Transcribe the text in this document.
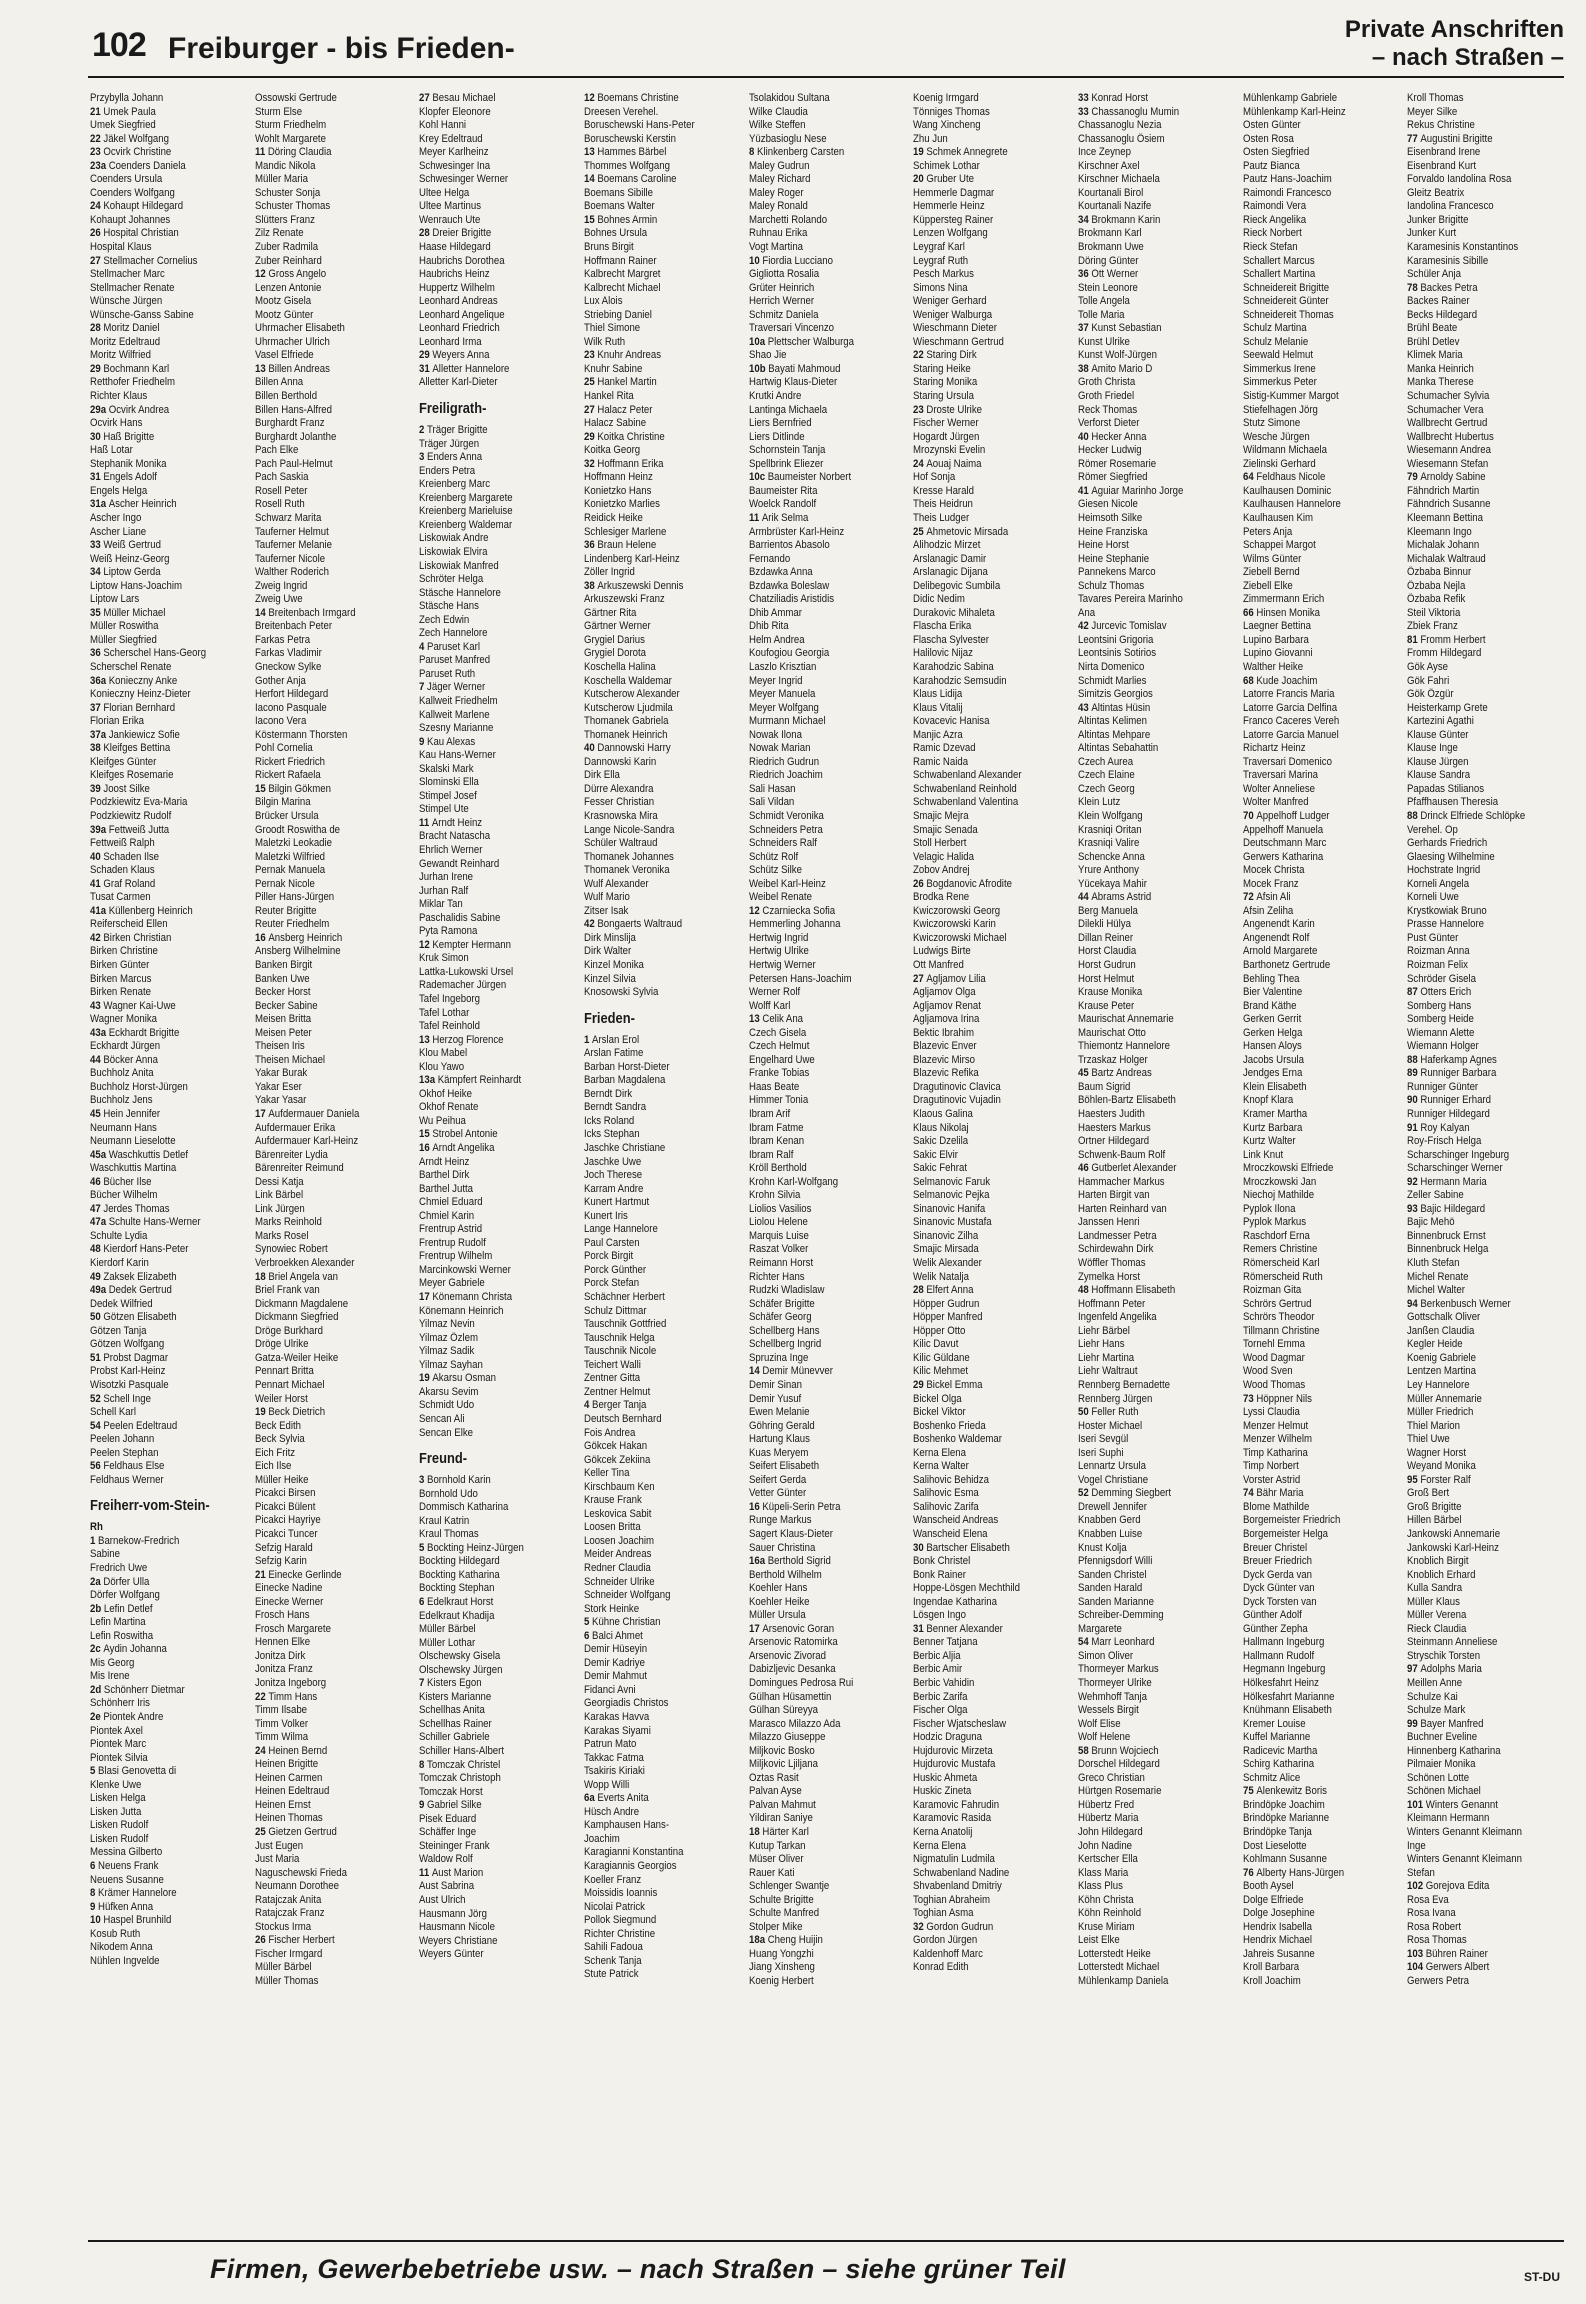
102 Freiburger - bis Frieden-
Private Anschriften
– nach Straßen –
Przybylla Johann
21 Umek Paula
Umek Siegfried
22 Jäkel Wolfgang
23 Ocvirk Christine
23a Coenders Daniela
Coenders Ursula
Coenders Wolfgang
24 Kohaupt Hildegard
Kohaupt Johannes
26 Hospital Christian
Hospital Klaus
27 Stellmacher Cornelius
Stellmacher Marc
Stellmacher Renate
Wünsche Jürgen
Wünsche-Ganss Sabine
28 Moritz Daniel
Moritz Edeltraud
Moritz Wilfried
29 Bochmann Karl
Retthofer Friedhelm
Richter Klaus
29a Ocvirk Andrea
Ocvirk Hans
30 Haß Brigitte
Haß Lotar
Stephanik Monika
31 Engels Adolf
Engels Helga
31a Ascher Heinrich
Ascher Ingo
Ascher Liane
33 Weiß Gertrud
Weiß Heinz-Georg
34 Liptow Gerda
Liptow Hans-Joachim
Liptow Lars
35 Müller Michael
Müller Roswitha
Müller Siegfried
36 Scherschel Hans-Georg
Scherschel Renate
36a Konieczny Anke
Konieczny Heinz-Dieter
37 Florian Bernhard
Florian Erika
37a Jankiewicz Sofie
38 Kleifges Bettina
Kleifges Günter
Kleifges Rosemarie
39 Joost Silke
Podzkiewitz Eva-Maria
Podzkiewitz Rudolf
39a Fettweiß Jutta
Fettweiß Ralph
40 Schaden Ilse
Schaden Klaus
41 Graf Roland
Tusat Carmen
41a Küllenberg Heinrich
Reiferscheid Ellen
42 Birken Christian
Birken Christine
Birken Günter
Birken Marcus
Birken Renate
43 Wagner Kai-Uwe
Wagner Monika
43a Eckhardt Brigitte
Eckhardt Jürgen
44 Böcker Anna
Buchholz Anita
Buchholz Horst-Jürgen
Buchholz Jens
45 Hein Jennifer
Neumann Hans
Neumann Lieselotte
45a Waschkuttis Detlef
Waschkuttis Martina
46 Bücher Ilse
Bücher Wilhelm
47 Jerdes Thomas
47a Schulte Hans-Werner
Schulte Lydia
48 Kierdorf Hans-Peter
Kierdorf Karin
49 Zaksek Elizabeth
49a Dedek Gertrud
Dedek Wilfried
50 Götzen Elisabeth
Götzen Tanja
Götzen Wolfgang
51 Probst Dagmar
Probst Karl-Heinz
Wisotzki Pasquale
52 Schell Inge
Schell Karl
54 Peelen Edeltraud
Peelen Johann
Peelen Stephan
56 Feldhaus Else
Feldhaus Werner
Freiherr-vom-Stein-
Rh
1 Barnekow-Fredrich
Sabine
Fredrich Uwe
2a Dörfer Ulla
Dörfer Wolfgang
2b Lefin Detlef
Lefin Martina
Lefin Roswitha
2c Aydin Johanna
Mis Georg
Mis Irene
2d Schönherr Dietmar
Schönherr Iris
2e Piontek Andre
Piontek Axel
Piontek Marc
Piontek Silvia
5 Blasi Genovetta di
Klenke Uwe
Lisken Helga
Lisken Jutta
Lisken Rudolf
Lisken Rudolf
Messina Gilberto
6 Neuens Frank
Neuens Susanne
8 Krämer Hannelore
9 Hüfken Anna
10 Haspel Brunhild
Kosub Ruth
Nikodem Anna
Nühlen Ingvelde
Ossowski Gertrude
Sturm Else
Sturm Friedhelm
Wohlt Margarete
11 Döring Claudia
Mandic Nikola
Müller Maria
Schuster Sonja
Schuster Thomas
Slütters Franz
Zilz Renate
Zuber Radmila
Zuber Reinhard
12 Gross Angelo
Lenzen Antonie
Mootz Gisela
Mootz Günter
Uhrmacher Elisabeth
Uhrmacher Ulrich
Vasel Elfriede
13 Billen Andreas
Billen Anna
Billen Berthold
Billen Hans-Alfred
Burghardt Franz
Burghardt Jolanthe
Pach Elke
Pach Paul-Helmut
Pach Saskia
Rosell Peter
Rosell Ruth
Schwarz Marita
Tauferner Helmut
Tauferner Melanie
Tauferner Nicole
Walther Roderich
Zweig Ingrid
Zweig Uwe
14 Breitenbach Irmgard
Breitenbach Peter
Farkas Petra
Farkas Vladimir
Gneckow Sylke
Gother Anja
Herfort Hildegard
Iacono Pasquale
Iacono Vera
Köstermann Thorsten
Pohl Cornelia
Rickert Friedrich
Rickert Rafaela
15 Bilgin Gökmen
Bilgin Marina
Brücker Ursula
Groodt Roswitha de
Maletzki Leokadie
Maletzki Wilfried
Pernak Manuela
Pernak Nicole
Piller Hans-Jürgen
Reuter Brigitte
Reuter Friedhelm
16 Ansberg Heinrich
Ansberg Wilhelmine
Banken Birgit
Banken Uwe
Becker Horst
Becker Sabine
Meisen Britta
Meisen Peter
Theisen Iris
Theisen Michael
Yakar Burak
Yakar Eser
Yakar Yasar
17 Aufdermauer Daniela
Aufdermauer Erika
Aufdermauer Karl-Heinz
Bärenreiter Lydia
Bärenreiter Reimund
Dessi Katja
Link Bärbel
Link Jürgen
Marks Reinhold
Marks Rosel
Synowiec Robert
Verbroekken Alexander
18 Briel Angela van
Briel Frank van
Dickmann Magdalene
Dickmann Siegfried
Dröge Burkhard
Dröge Ulrike
Gatza-Weiler Heike
Pennart Britta
Pennart Michael
Weiler Horst
19 Beck Dietrich
Beck Edith
Beck Sylvia
Eich Fritz
Eich Ilse
Müller Heike
Picakci Birsen
Picakci Bülent
Picakci Hayriye
Picakci Tuncer
Sefzig Harald
Sefzig Karin
21 Einecke Gerlinde
Einecke Nadine
Einecke Werner
Frosch Hans
Frosch Margarete
Hennen Elke
Jonitza Dirk
Jonitza Franz
Jonitza Ingeborg
22 Timm Hans
Timm Ilsabe
Timm Volker
Timm Wilma
24 Heinen Bernd
Heinen Brigitte
Heinen Carmen
Heinen Edeltraud
Heinen Ernst
Heinen Thomas
25 Gietzen Gertrud
Just Eugen
Just Maria
Naguschewski Frieda
Neumann Dorothee
Ratajczak Anita
Ratajczak Franz
Stockus Irma
26 Fischer Herbert
Fischer Irmgard
Müller Bärbel
Müller Thomas
27 Besau Michael
Klopfer Eleonore
Kohl Hanni
Krey Edeltraud
Meyer Karlheinz
Schwesinger Ina
Schwesinger Werner
Ultee Helga
Ultee Martinus
Wenrauch Ute
28 Dreier Brigitte
Haase Hildegard
Haubrichs Dorothea
Haubrichs Heinz
Huppertz Wilhelm
Leonhard Andreas
Leonhard Angelique
Leonhard Friedrich
Leonhard Irma
29 Weyers Anna
31 Alletter Hannelore
Alletter Karl-Dieter
Freiligrath-
2 Träger Brigitte
Träger Jürgen
3 Enders Anna
Enders Petra
Kreienberg Marc
Kreienberg Margarete
Kreienberg Marieluise
Kreienberg Waldemar
Liskowiak Andre
Liskowiak Elvira
Liskowiak Manfred
Schröter Helga
Stäsche Hannelore
Stäsche Hans
Zech Edwin
Zech Hannelore
4 Paruset Karl
Paruset Manfred
Paruset Ruth
7 Jäger Werner
Kallweit Friedhelm
Kallweit Marlene
Szesny Marianne
9 Kau Alexas
Kau Hans-Werner
Skalski Mark
Slominski Ella
Stimpel Josef
Stimpel Ute
11 Arndt Heinz
Bracht Natascha
Ehrlich Werner
Gewandt Reinhard
Jurhan Irene
Jurhan Ralf
Miklar Tan
Paschalidis Sabine
Pyta Ramona
12 Kempter Hermann
Kruk Simon
Lattka-Lukowski Ursel
Rademacher Jürgen
Tafel Ingeborg
Tafel Lothar
Tafel Reinhold
13 Herzog Florence
Klou Mabel
Klou Yawo
13a Kämpfert Reinhardt
Okhof Heike
Okhof Renate
Wu Peihua
15 Strobel Antonie
16 Arndt Angelika
Arndt Heinz
Barthel Dirk
Barthel Jutta
Chmiel Eduard
Chmiel Karin
Frentrup Astrid
Frentrup Rudolf
Frentrup Wilhelm
Marcinkowski Werner
Meyer Gabriele
17 Könemann Christa
Könemann Heinrich
Yilmaz Nevin
Yilmaz Özlem
Yilmaz Sadik
Yilmaz Sayhan
19 Akarsu Osman
Akarsu Sevim
Schmidt Udo
Sencan Ali
Sencan Elke
Freund-
3 Bornhold Karin
Bornhold Udo
Dommisch Katharina
Kraul Katrin
Kraul Thomas
5 Bockting Heinz-Jürgen
Bockting Hildegard
Bockting Katharina
Bockting Stephan
6 Edelkraut Horst
Edelkraut Khadija
Müller Bärbel
Müller Lothar
Olschewsky Gisela
Olschewsky Jürgen
7 Kisters Egon
Kisters Marianne
Schellhas Anita
Schellhas Rainer
Schiller Gabriele
Schiller Hans-Albert
8 Tomczak Christel
Tomczak Christoph
Tomczak Horst
9 Gabriel Silke
Pisek Eduard
Schäffer Inge
Steininger Frank
Waldow Rolf
11 Aust Marion
Aust Sabrina
Aust Ulrich
Hausmann Jörg
Hausmann Nicole
Weyers Christiane
Weyers Günter
12 Boemans Christine
Dreesen Verehel.
Boruschewski Hans-Peter
Boruschewski Kerstin
13 Hammes Bärbel
Thommes Wolfgang
14 Boemans Caroline
Boemans Sibille
Boemans Walter
15 Bohnes Armin
Bohnes Ursula
Bruns Birgit
Hoffmann Rainer
Kalbrecht Margret
Kalbrecht Michael
Lux Alois
Striebing Daniel
Thiel Simone
Wilk Ruth
23 Knuhr Andreas
Knuhr Sabine
25 Hankel Martin
Hankel Rita
27 Halacz Peter
Halacz Sabine
29 Koitka Christine
Koitka Georg
32 Hoffmann Erika
Hoffmann Heinz
Konietzko Hans
Konietzko Marlies
Reidick Heike
Schlesiger Marlene
36 Braun Helene
Lindenberg Karl-Heinz
Zöller Ingrid
38 Arkuszewski Dennis
Arkuszewski Franz
Gärtner Rita
Gärtner Werner
Grygiel Darius
Grygiel Dorota
Koschella Halina
Koschella Waldemar
Kutscherow Alexander
Kutscherow Ljudmila
Thomanek Gabriela
Thomanek Heinrich
40 Dannowski Harry
Dannowski Karin
Dirk Ella
Dürre Alexandra
Fesser Christian
Krasnowska Mira
Lange Nicole-Sandra
Schüler Waltraud
Thomanek Johannes
Thomanek Veronika
Wulf Alexander
Wulf Mario
Zitser Isak
42 Bongaerts Waltraud
Dirk Minslija
Dirk Walter
Kinzel Monika
Kinzel Silvia
Knosowski Sylvia
Frieden-
1 Arslan Erol
Arslan Fatime
Barban Horst-Dieter
Barban Magdalena
Berndt Dirk
Berndt Sandra
Icks Roland
Icks Stephan
Jaschke Christiane
Jaschke Uwe
Joch Therese
Karram Andre
Kunert Hartmut
Kunert Iris
Lange Hannelore
Paul Carsten
Porck Birgit
Porck Günther
Porck Stefan
Schächner Herbert
Schulz Dittmar
Tauschnik Gottfried
Tauschnik Helga
Tauschnik Nicole
Teichert Walli
Zentner Gitta
Zentner Helmut
4 Berger Tanja
Deutsch Bernhard
Fois Andrea
Gökcek Hakan
Gökcek Zekiina
Keller Tina
Kirschbaum Ken
Krause Frank
Leskovica Sabit
Loosen Britta
Loosen Joachim
Meider Andreas
Redner Claudia
Schneider Ulrike
Schneider Wolfgang
Stork Heinke
5 Kühne Christian
6 Balci Ahmet
Demir Hüseyin
Demir Kadriye
Demir Mahmut
Fidanci Avni
Georgiadis Christos
Karakas Havva
Karakas Siyami
Patrun Mato
Takkac Fatma
Tsakiris Kiriaki
Wopp Willi
6a Everts Anita
Hüsch Andre
Kamphausen Hans-
Joachim
Karagianni Konstantina
Karagiannis Georgios
Koeller Franz
Moissidis Ioannis
Nicolai Patrick
Pollok Siegmund
Richter Christine
Sahili Fadoua
Schenk Tanja
Stute Patrick
Tsolakidou Sultana
Wilke Claudia
Wilke Steffen
Yüzbasioglu Nese
8 Klinkenberg Carsten
Maley Gudrun
Maley Richard
Maley Roger
Maley Ronald
Marchetti Rolando
Ruhnau Erika
Vogt Martina
10 Fiordia Lucciano
Gigliotta Rosalia
Grüter Heinrich
Herrich Werner
Schmitz Daniela
Traversari Vincenzo
10a Plettscher Walburga
Shao Jie
10b Bayati Mahmoud
Hartwig Klaus-Dieter
Krutki Andre
Lantinga Michaela
Liers Bernfried
Liers Ditlinde
Schornstein Tanja
Spellbrink Eliezer
10c Baumeister Norbert
Baumeister Rita
Woelck Randolf
11 Arik Selma
Armbrüster Karl-Heinz
Barrientos Abasolo
Fernando
Bzdawka Anna
Bzdawka Boleslaw
Chatziliadis Aristidis
Dhib Ammar
Dhib Rita
Helm Andrea
Koufogiou Georgia
Laszlo Krisztian
Meyer Ingrid
Meyer Manuela
Meyer Wolfgang
Murmann Michael
Nowak Ilona
Nowak Marian
Riedrich Gudrun
Riedrich Joachim
Sali Hasan
Sali Vildan
Schmidt Veronika
Schneiders Petra
Schneiders Ralf
Schütz Rolf
Schütz Silke
Weibel Karl-Heinz
Weibel Renate
12 Czarniecka Sofia
Hemmerling Johanna
Hertwig Ingrid
Hertwig Ulrike
Hertwig Werner
Petersen Hans-Joachim
Werner Rolf
Wolff Karl
13 Celik Ana
Czech Gisela
Czech Helmut
Engelhard Uwe
Franke Tobias
Haas Beate
Himmer Tonia
Ibram Arif
Ibram Fatme
Ibram Kenan
Ibram Ralf
Kröll Berthold
Krohn Karl-Wolfgang
Krohn Silvia
Liolios Vasilios
Liolou Helene
Marquis Luise
Raszat Volker
Reimann Horst
Richter Hans
Rudzki Wladislaw
Schäfer Brigitte
Schäfer Georg
Schellberg Hans
Schellberg Ingrid
Spruzina Inge
14 Demir Münevver
Demir Sinan
Demir Yusuf
Ewen Melanie
Göhring Gerald
Hartung Klaus
Kuas Meryem
Seifert Elisabeth
Seifert Gerda
Vetter Günter
16 Küpeli-Serin Petra
Runge Markus
Sagert Klaus-Dieter
Sauer Christina
16a Berthold Sigrid
Berthold Wilhelm
Koehler Hans
Koehler Heike
Müller Ursula
17 Arsenovic Goran
Arsenovic Ratomirka
Arsenovic Zivorad
Dabizljevic Desanka
Domingues Pedrosa Rui
Gülhan Hüsamettin
Gülhan Süreyya
Marasco Milazzo Ada
Milazzo Giuseppe
Miljkovic Bosko
Miljkovic Ljiljana
Oztas Rasit
Palvan Ayse
Palvan Mahmut
Yildiran Saniye
18 Härter Karl
Kutup Tarkan
Müser Oliver
Rauer Kati
Schlenger Swantje
Schulte Brigitte
Schulte Manfred
Stolper Mike
18a Cheng Huijin
Huang Yongzhi
Jiang Xinsheng
Koenig Herbert
Koenig Irmgard
Tönniges Thomas
Wang Xincheng
Zhu Jun
19 Schmek Annegrete
Schimek Lothar
20 Gruber Ute
Hemmerle Dagmar
Hemmerle Heinz
Küppersteg Rainer
Lenzen Wolfgang
Leygraf Karl
Leygraf Ruth
Pesch Markus
Simons Nina
Weniger Gerhard
Weniger Walburga
Wieschmann Dieter
Wieschmann Gertrud
22 Staring Dirk
Staring Heike
Staring Monika
Staring Ursula
23 Droste Ulrike
Fischer Werner
Hogardt Jürgen
Mrozynski Evelin
24 Aouaj Naima
Hof Sonja
Kresse Harald
Theis Heidrun
Theis Ludger
25 Ahmetovic Mirsada
Alihodzic Mirzet
Arslanagic Damir
Arslanagic Dijana
Delibegovic Sumbila
Didic Nedim
Durakovic Mihaleta
Flascha Erika
Flascha Sylvester
Halilovic Nijaz
Karahodzic Sabina
Karahodzic Semsudin
Klaus Lidija
Klaus Vitalij
Kovacevic Hanisa
Manjic Azra
Ramic Dzevad
Ramic Naida
Schwabenland Alexander
Schwabenland Reinhold
Schwabenland Valentina
Smajic Mejra
Smajic Senada
Stoll Herbert
Velagic Halida
Zobov Andrej
26 Bogdanovic Afrodite
Brodka Rene
Kwiczorowski Georg
Kwiczorowski Karin
Kwiczorowski Michael
Ludwigs Birte
Ott Manfred
27 Agljamov Lilia
Agljamov Olga
Agljamov Renat
Agljamova Irina
Bektic Ibrahim
Blazevic Enver
Blazevic Mirso
Blazevic Refika
Dragutinovic Clavica
Dragutinovic Vujadin
Klaous Galina
Klaus Nikolaj
Sakic Dzelila
Sakic Elvir
Sakic Fehrat
Selmanovic Faruk
Selmanovic Pejka
Sinanovic Hanifa
Sinanovic Mustafa
Sinanovic Zilha
Smajic Mirsada
Welik Alexander
Welik Natalja
28 Elfert Anna
Höpper Gudrun
Höpper Manfred
Höpper Otto
Kilic Davut
Kilic Güldane
Kilic Mehmet
29 Bickel Emma
Bickel Olga
Bickel Viktor
Boshenko Frieda
Boshenko Waldemar
Kerna Elena
Kerna Walter
Salihovic Behidza
Salihovic Esma
Salihovic Zarifa
Wanscheid Andreas
Wanscheid Elena
30 Bartscher Elisabeth
Bonk Christel
Bonk Rainer
Hoppe-Lösgen Mechthild
Ingendae Katharina
Lösgen Ingo
31 Benner Alexander
Benner Tatjana
Berbic Aljia
Berbic Amir
Berbic Vahidin
Berbic Zarifa
Fischer Olga
Fischer Wjatscheslaw
Hodzic Draguna
Hujdurovic Mirzeta
Hujdurovic Mustafa
Huskic Ahmeta
Huskic Zineta
Karamovic Fahrudin
Karamovic Rasida
Kerna Anatolij
Kerna Elena
Nigmatulin Ludmila
Schwabenland Nadine
Shvabenland Dmitriy
Toghian Abraheim
Toghian Asma
32 Gordon Gudrun
Gordon Jürgen
Kaldenhoff Marc
Konrad Edith
33 Konrad Horst
33 Chassanoglu Mumin
Chassanoglu Nezia
Chassanoglu Ösiem
Ince Zeynep
Kirschner Axel
Kirschner Michaela
Kourtanali Birol
Kourtanali Nazife
34 Brokmann Karin
Brokmann Karl
Brokmann Uwe
Döring Günter
36 Ott Werner
Stein Leonore
Tolle Angela
Tolle Maria
37 Kunst Sebastian
Kunst Ulrike
Kunst Wolf-Jürgen
38 Amito Mario D
Groth Christa
Groth Friedel
Reck Thomas
Verforst Dieter
40 Hecker Anna
Hecker Ludwig
Römer Rosemarie
Römer Siegfried
41 Aguiar Marinho Jorge
Giesen Nicole
Heimsoth Silke
Heine Franziska
Heine Horst
Heine Stephanie
Pannekens Marco
Schulz Thomas
Tavares Pereira Marinho
Ana
42 Jurcevic Tomislav
Leontsini Grigoria
Leontsinis Sotirios
Nirta Domenico
Schmidt Marlies
Simitzis Georgios
43 Altintas Hüsin
Altintas Kelimen
Altintas Mehpare
Altintas Sebahattin
Czech Aurea
Czech Elaine
Czech Georg
Klein Lutz
Klein Wolfgang
Krasniqi Oritan
Krasniqi Valire
Schencke Anna
Yrure Anthony
Yücekaya Mahir
44 Abrams Astrid
Berg Manuela
Dilekli Hülya
Dillan Reiner
Horst Claudia
Horst Gudrun
Horst Helmut
Krause Monika
Krause Peter
Maurischat Annemarie
Maurischat Otto
Thiemontz Hannelore
Trzaskaz Holger
45 Bartz Andreas
Baum Sigrid
Böhlen-Bartz Elisabeth
Haesters Judith
Haesters Markus
Ortner Hildegard
Schwenk-Baum Rolf
46 Gutberlet Alexander
Hammacher Markus
Harten Birgit van
Harten Reinhard van
Janssen Henri
Landmesser Petra
Schirdewahn Dirk
Wöffler Thomas
Zymelka Horst
48 Hoffmann Elisabeth
Hoffmann Peter
Ingenfeld Angelika
Liehr Bärbel
Liehr Hans
Liehr Martina
Liehr Waltraut
Rennberg Bernadette
Rennberg Jürgen
50 Feller Ruth
Hoster Michael
Iseri Sevgül
Iseri Suphi
Lennartz Ursula
Vogel Christiane
52 Demming Siegbert
Drewell Jennifer
Knabben Gerd
Knabben Luise
Knust Kolja
Pfennigsdorf Willi
Sanden Christel
Sanden Harald
Sanden Marianne
Schreiber-Demming
Margarete
54 Marr Leonhard
Simon Oliver
Thormeyer Markus
Thormeyer Ulrike
Wehmhoff Tanja
Wessels Birgit
Wolf Elise
Wolf Helene
58 Brunn Wojciech
Dorschel Hildegard
Greco Christian
Hürtgen Rosemarie
Hübertz Fred
Hübertz Maria
John Hildegard
John Nadine
Kertscher Ella
Klass Maria
Klass Plus
Köhn Christa
Köhn Reinhold
Kruse Miriam
Leist Elke
Lotterstedt Heike
Lotterstedt Michael
Mühlenkamp Daniela
Mühlenkamp Gabriele
Mühlenkamp Karl-Heinz
Osten Günter
Osten Rosa
Osten Siegfried
Pautz Bianca
Pautz Hans-Joachim
Raimondi Francesco
Raimondi Vera
Rieck Angelika
Rieck Norbert
Rieck Stefan
Schallert Marcus
Schallert Martina
Schneidereit Brigitte
Schneidereit Günter
Schneidereit Thomas
Schulz Martina
Schulz Melanie
Seewald Helmut
Simmerkus Irene
Simmerkus Peter
Sistig-Kummer Margot
Stiefelhagen Jörg
Stutz Simone
Wesche Jürgen
Wildmann Michaela
Zielinski Gerhard
64 Feldhaus Nicole
Kaulhausen Dominic
Kaulhausen Hannelore
Kaulhausen Kim
Peters Anja
Schappei Margot
Wilms Günter
Ziebell Bernd
Ziebell Elke
Zimmermann Erich
66 Hinsen Monika
Laegner Bettina
Lupino Barbara
Lupino Giovanni
Walther Heike
68 Kude Joachim
Latorre Francis Maria
Latorre Garcia Delfina
Franco Caceres Vereh
Latorre Garcia Manuel
Richartz Heinz
Traversari Domenico
Traversari Marina
Wolter Anneliese
Wolter Manfred
70 Appelhoff Ludger
Appelhoff Manuela
Deutschmann Marc
Gerwers Katharina
Mocek Christa
Mocek Franz
72 Afsin Ali
Afsin Zeliha
Angenendt Karin
Angenendt Rolf
Arnold Margarete
Barthonetz Gertrude
Behling Thea
Bier Valentine
Brand Käthe
Gerken Gerrit
Gerken Helga
Hansen Aloys
Jacobs Ursula
Jendges Erna
Klein Elisabeth
Knopf Klara
Kramer Martha
Kurtz Barbara
Kurtz Walter
Link Knut
Mroczkowski Elfriede
Mroczkowski Jan
Niechoj Mathilde
Pyplok Ilona
Pyplok Markus
Raschdorf Erna
Remers Christine
Römerscheid Karl
Römerscheid Ruth
Roizman Gita
Schrörs Gertrud
Schrörs Theodor
Tillmann Christine
Tornehl Emma
Wood Dagmar
Wood Sven
Wood Thomas
73 Höppner Nils
Lyssi Claudia
Menzer Helmut
Menzer Wilhelm
Timp Katharina
Timp Norbert
Vorster Astrid
74 Bähr Maria
Blome Mathilde
Borgemeister Friedrich
Borgemeister Helga
Breuer Christel
Breuer Friedrich
Dyck Gerda van
Dyck Günter van
Dyck Torsten van
Günther Adolf
Günther Zepha
Hallmann Ingeburg
Hallmann Rudolf
Hegmann Ingeburg
Hölkesfahrt Heinz
Hölkesfahrt Marianne
Knühmann Elisabeth
Kremer Louise
Kuffel Marianne
Radicevic Martha
Schirg Katharina
Schmitz Alice
75 Alenkewitz Boris
Brindöpke Joachim
Brindöpke Marianne
Brindöpke Tanja
Dost Lieselotte
Kohlmann Susanne
76 Alberty Hans-Jürgen
Booth Aysel
Dolge Elfriede
Dolge Josephine
Hendrix Isabella
Hendrix Michael
Jahreis Susanne
Kroll Barbara
Kroll Joachim
Kroll Thomas
Meyer Silke
Rekus Christine
77 Augustini Brigitte
Eisenbrand Irene
Eisenbrand Kurt
Forvaldo Iandolina Rosa
Gleitz Beatrix
Iandolina Francesco
Junker Brigitte
Junker Kurt
Karamesinis Konstantinos
Karamesinis Sibille
Schüler Anja
78 Backes Petra
Backes Rainer
Becks Hildegard
Brühl Beate
Brühl Detlev
Klimek Maria
Manka Heinrich
Manka Therese
Schumacher Sylvia
Schumacher Vera
Wallbrecht Gertrud
Wallbrecht Hubertus
Wiesemann Andrea
Wiesemann Stefan
79 Arnoldy Sabine
Fähndrich Martin
Fähndrich Susanne
Kleemann Bettina
Kleemann Ingo
Michalak Johann
Michalak Waltraud
Özbaba Binnur
Özbaba Nejla
Özbaba Refik
Steil Viktoria
Zbiek Franz
81 Fromm Herbert
Fromm Hildegard
Gök Ayse
Gök Fahri
Gök Özgür
Heisterkamp Grete
Kartezini Agathi
Klause Günter
Klause Inge
Klause Jürgen
Klause Sandra
Papadas Stilianos
Pfaffhausen Theresia
88 Drinck Elfriede Schlöpke
Verehel. Op
Gerhards Friedrich
Glaesing Wilhelmine
Hochstrate Ingrid
Korneli Angela
Korneli Uwe
Krystkowiak Bruno
Prasse Hannelore
Pust Günter
Roizman Anna
Roizman Felix
Schröder Gisela
87 Otters Erich
Somberg Hans
Somberg Heide
Wiemann Alette
Wiemann Holger
88 Haferkamp Agnes
89 Runniger Barbara
Runniger Günter
90 Runniger Erhard
Runniger Hildegard
91 Roy Kalyan
Roy-Frisch Helga
Scharschinger Ingeburg
Scharschinger Werner
92 Hermann Maria
Zeller Sabine
93 Bajic Hildegard
Bajic Mehö
Binnenbruck Ernst
Binnenbruck Helga
Kluth Stefan
Michel Renate
Michel Walter
94 Berkenbusch Werner
Gottschalk Oliver
Janßen Claudia
Kegler Heide
Koenig Gabriele
Lentzen Martina
Ley Hannelore
Müller Annemarie
Müller Friedrich
Thiel Marion
Thiel Uwe
Wagner Horst
Weyand Monika
95 Forster Ralf
Groß Bert
Groß Brigitte
Hillen Bärbel
Jankowski Annemarie
Jankowski Karl-Heinz
Knoblich Birgit
Knoblich Erhard
Kulla Sandra
Müller Klaus
Müller Verena
Rieck Claudia
Steinmann Anneliese
Stryschik Torsten
97 Adolphs Maria
Meillen Anne
Schulze Kai
Schulze Mark
99 Bayer Manfred
Buchner Eveline
Hinnenberg Katharina
Pilmaier Monika
Schönen Lotte
Schönen Michael
101 Winters Genannt
Kleimann Hermann
Winters Genannt Kleimann
Inge
Winters Genannt Kleimann
Stefan
102 Gorejova Edita
Rosa Eva
Rosa Ivana
Rosa Robert
Rosa Thomas
103 Bühren Rainer
104 Gerwers Albert
Gerwers Petra
Firmen, Gewerbebetriebe usw. – nach Straßen – siehe grüner Teil	ST-DU
